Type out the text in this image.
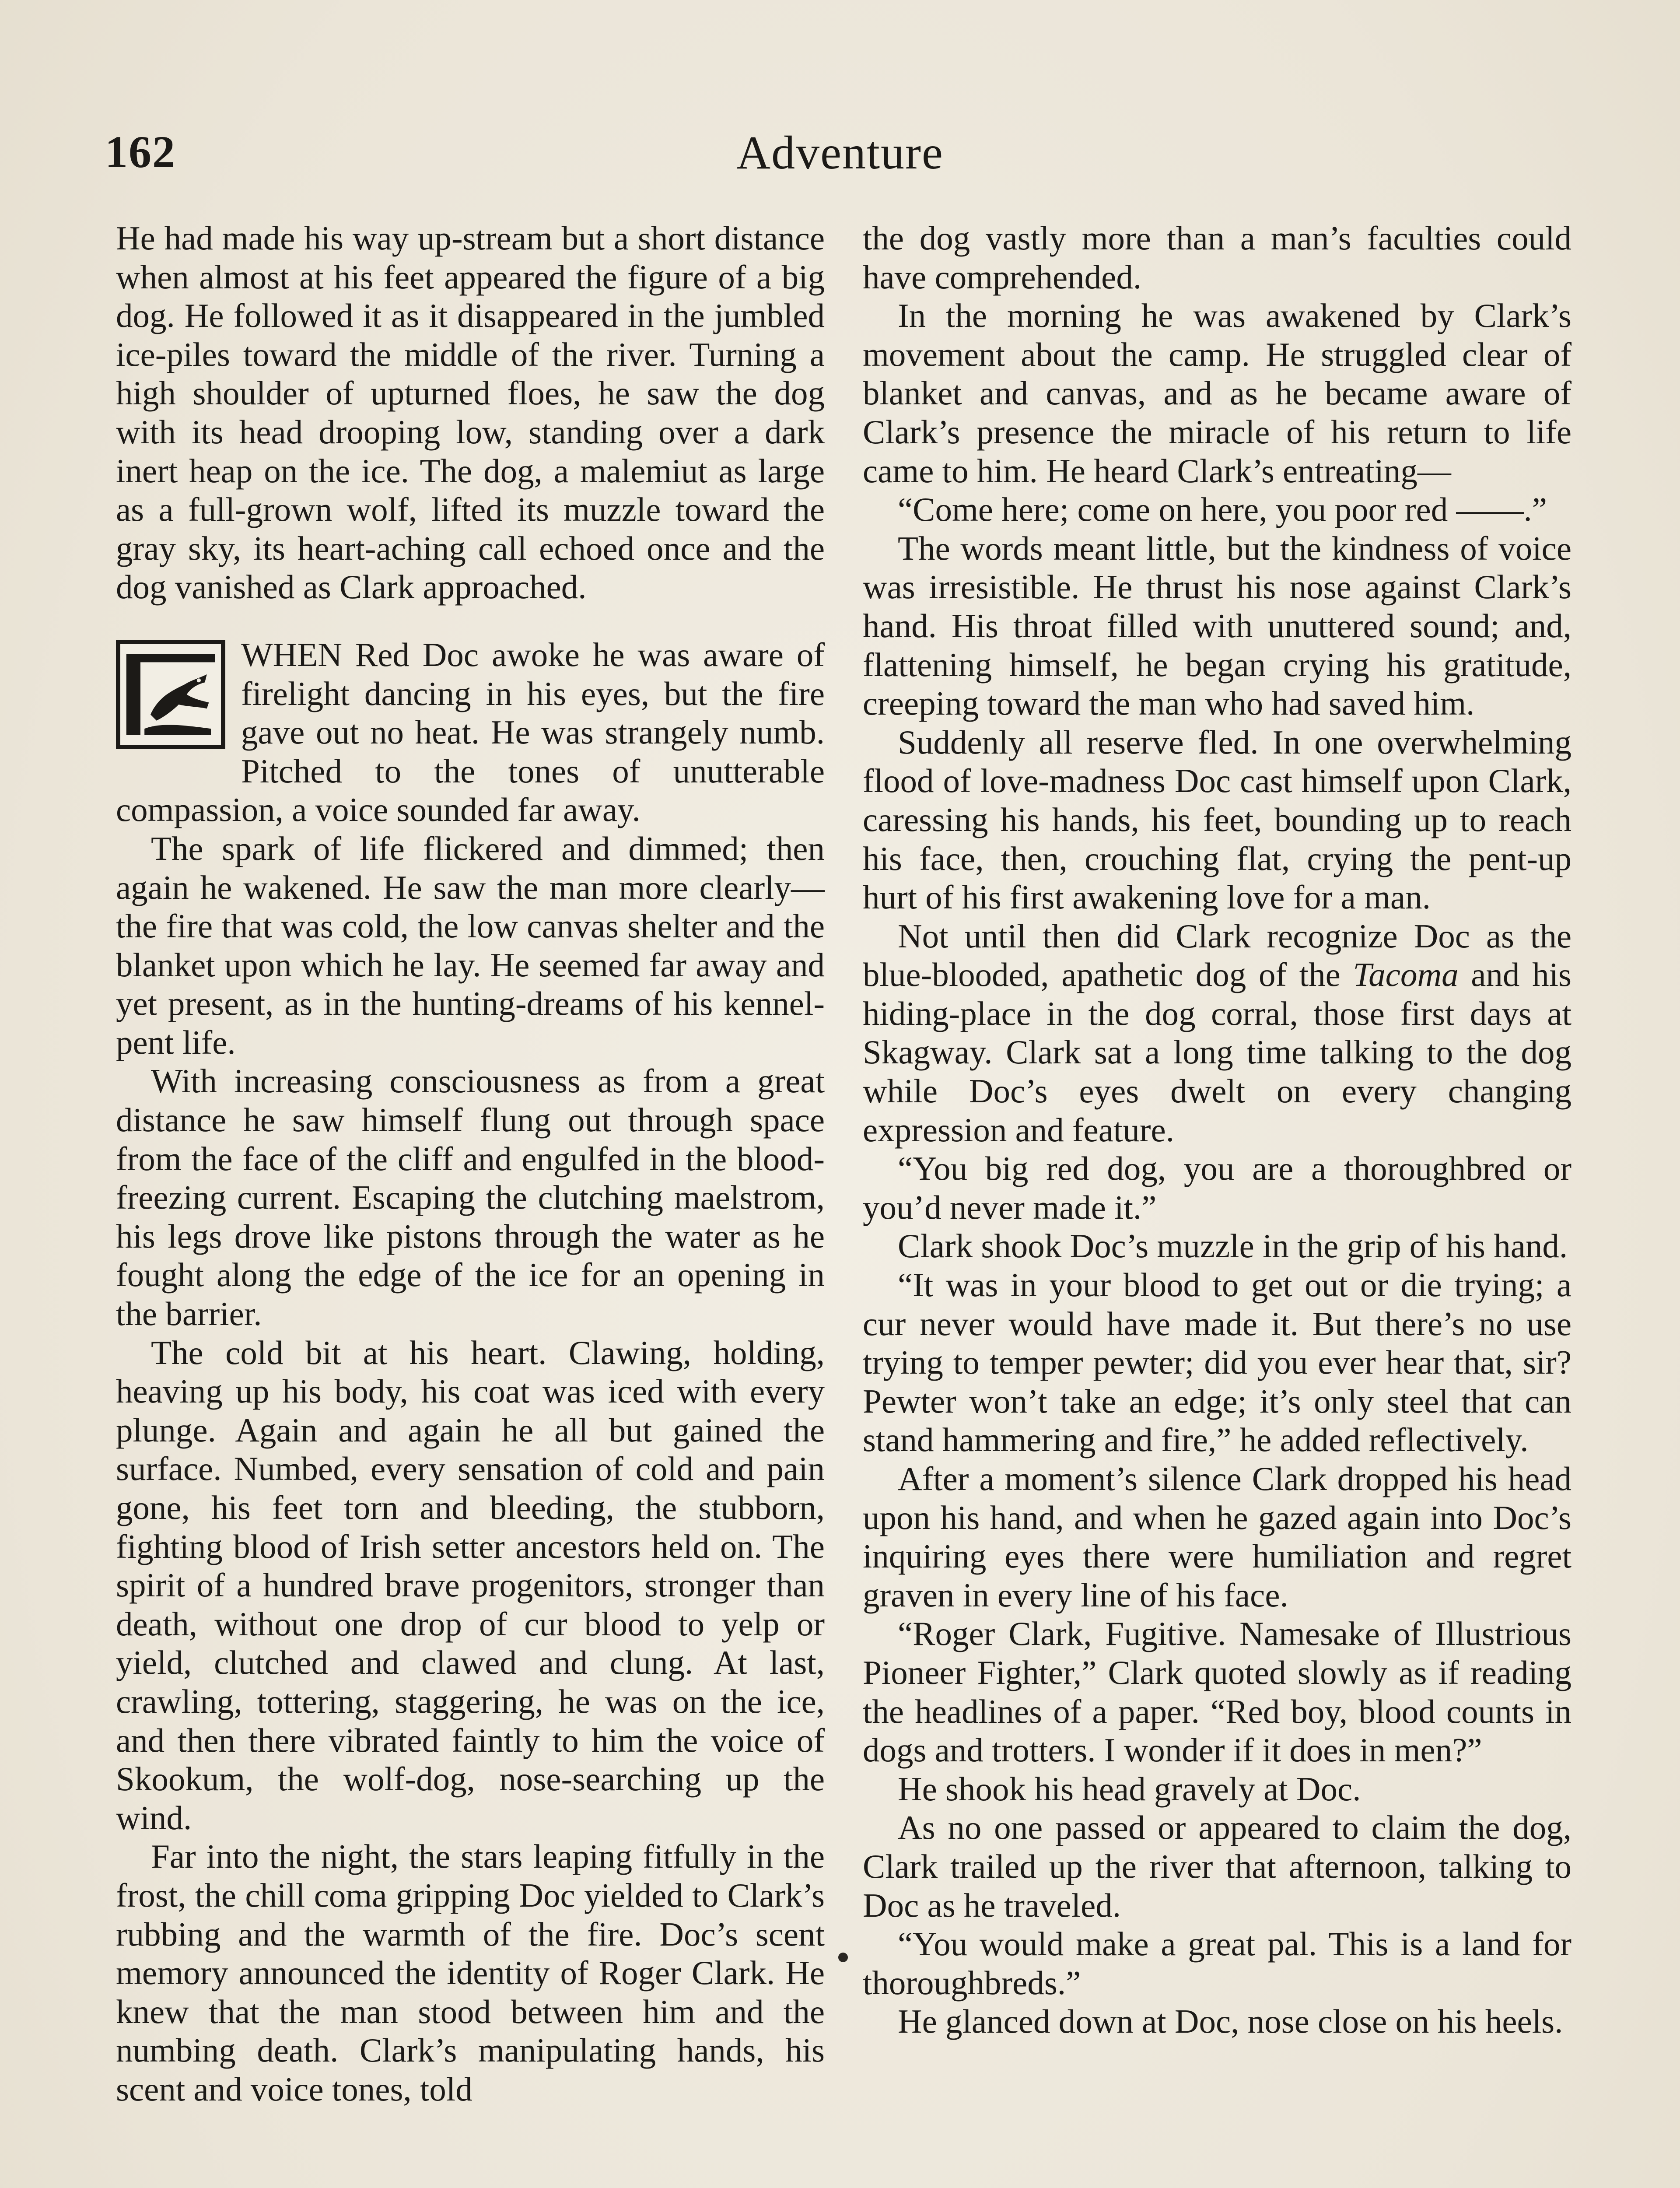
162	Adventure

He had made his way up-stream but a short distance when almost at his feet appeared the figure of a big dog. He followed it as it disappeared in the jumbled ice-piles toward the middle of the river. Turning a high shoulder of upturned floes, he saw the dog with its head drooping low, standing over a dark inert heap on the ice. The dog, a malemiut as large as a full-grown wolf, lifted its muzzle toward the gray sky, its heart-aching call echoed once and the dog vanished as Clark approached.

WHEN Red Doc awoke he was aware of firelight dancing in his eyes, but the fire gave out no heat. He was strangely numb. Pitched to the tones of unutterable compassion, a voice sounded far away.

The spark of life flickered and dimmed; then again he wakened. He saw the man more clearly—the fire that was cold, the low canvas shelter and the blanket upon which he lay. He seemed far away and yet present, as in the hunting-dreams of his kennel-pent life.

With increasing consciousness as from a great distance he saw himself flung out through space from the face of the cliff and engulfed in the blood-freezing current. Escaping the clutching maelstrom, his legs drove like pistons through the water as he fought along the edge of the ice for an opening in the barrier.

The cold bit at his heart. Clawing, holding, heaving up his body, his coat was iced with every plunge. Again and again he all but gained the surface. Numbed, every sensation of cold and pain gone, his feet torn and bleeding, the stubborn, fighting blood of Irish setter ancestors held on. The spirit of a hundred brave progenitors, stronger than death, without one drop of cur blood to yelp or yield, clutched and clawed and clung. At last, crawling, tottering, staggering, he was on the ice, and then there vibrated faintly to him the voice of Skookum, the wolf-dog, nose-searching up the wind.

Far into the night, the stars leaping fitfully in the frost, the chill coma gripping Doc yielded to Clark’s rubbing and the warmth of the fire. Doc’s scent memory announced the identity of Roger Clark. He knew that the man stood between him and the numbing death. Clark’s manipulating hands, his scent and voice tones, told

the dog vastly more than a man’s faculties could have comprehended.

In the morning he was awakened by Clark’s movement about the camp. He struggled clear of blanket and canvas, and as he became aware of Clark’s presence the miracle of his return to life came to him. He heard Clark’s entreating—

“Come here; come on here, you poor red ——.”

The words meant little, but the kindness of voice was irresistible. He thrust his nose against Clark’s hand. His throat filled with unuttered sound; and, flattening himself, he began crying his gratitude, creeping toward the man who had saved him.

Suddenly all reserve fled. In one overwhelming flood of love-madness Doc cast himself upon Clark, caressing his hands, his feet, bounding up to reach his face, then, crouching flat, crying the pent-up hurt of his first awakening love for a man.

Not until then did Clark recognize Doc as the blue-blooded, apathetic dog of the Tacoma and his hiding-place in the dog corral, those first days at Skagway. Clark sat a long time talking to the dog while Doc’s eyes dwelt on every changing expression and feature.

“You big red dog, you are a thoroughbred or you’d never made it.”

Clark shook Doc’s muzzle in the grip of his hand.

“It was in your blood to get out or die trying; a cur never would have made it. But there’s no use trying to temper pewter; did you ever hear that, sir? Pewter won’t take an edge; it’s only steel that can stand hammering and fire,” he added reflectively.

After a moment’s silence Clark dropped his head upon his hand, and when he gazed again into Doc’s inquiring eyes there were humiliation and regret graven in every line of his face.

“Roger Clark, Fugitive. Namesake of Illustrious Pioneer Fighter,” Clark quoted slowly as if reading the headlines of a paper. “Red boy, blood counts in dogs and trotters. I wonder if it does in men?”

He shook his head gravely at Doc.

As no one passed or appeared to claim the dog, Clark trailed up the river that afternoon, talking to Doc as he traveled.

“You would make a great pal. This is a land for thoroughbreds.”

He glanced down at Doc, nose close on his heels.
